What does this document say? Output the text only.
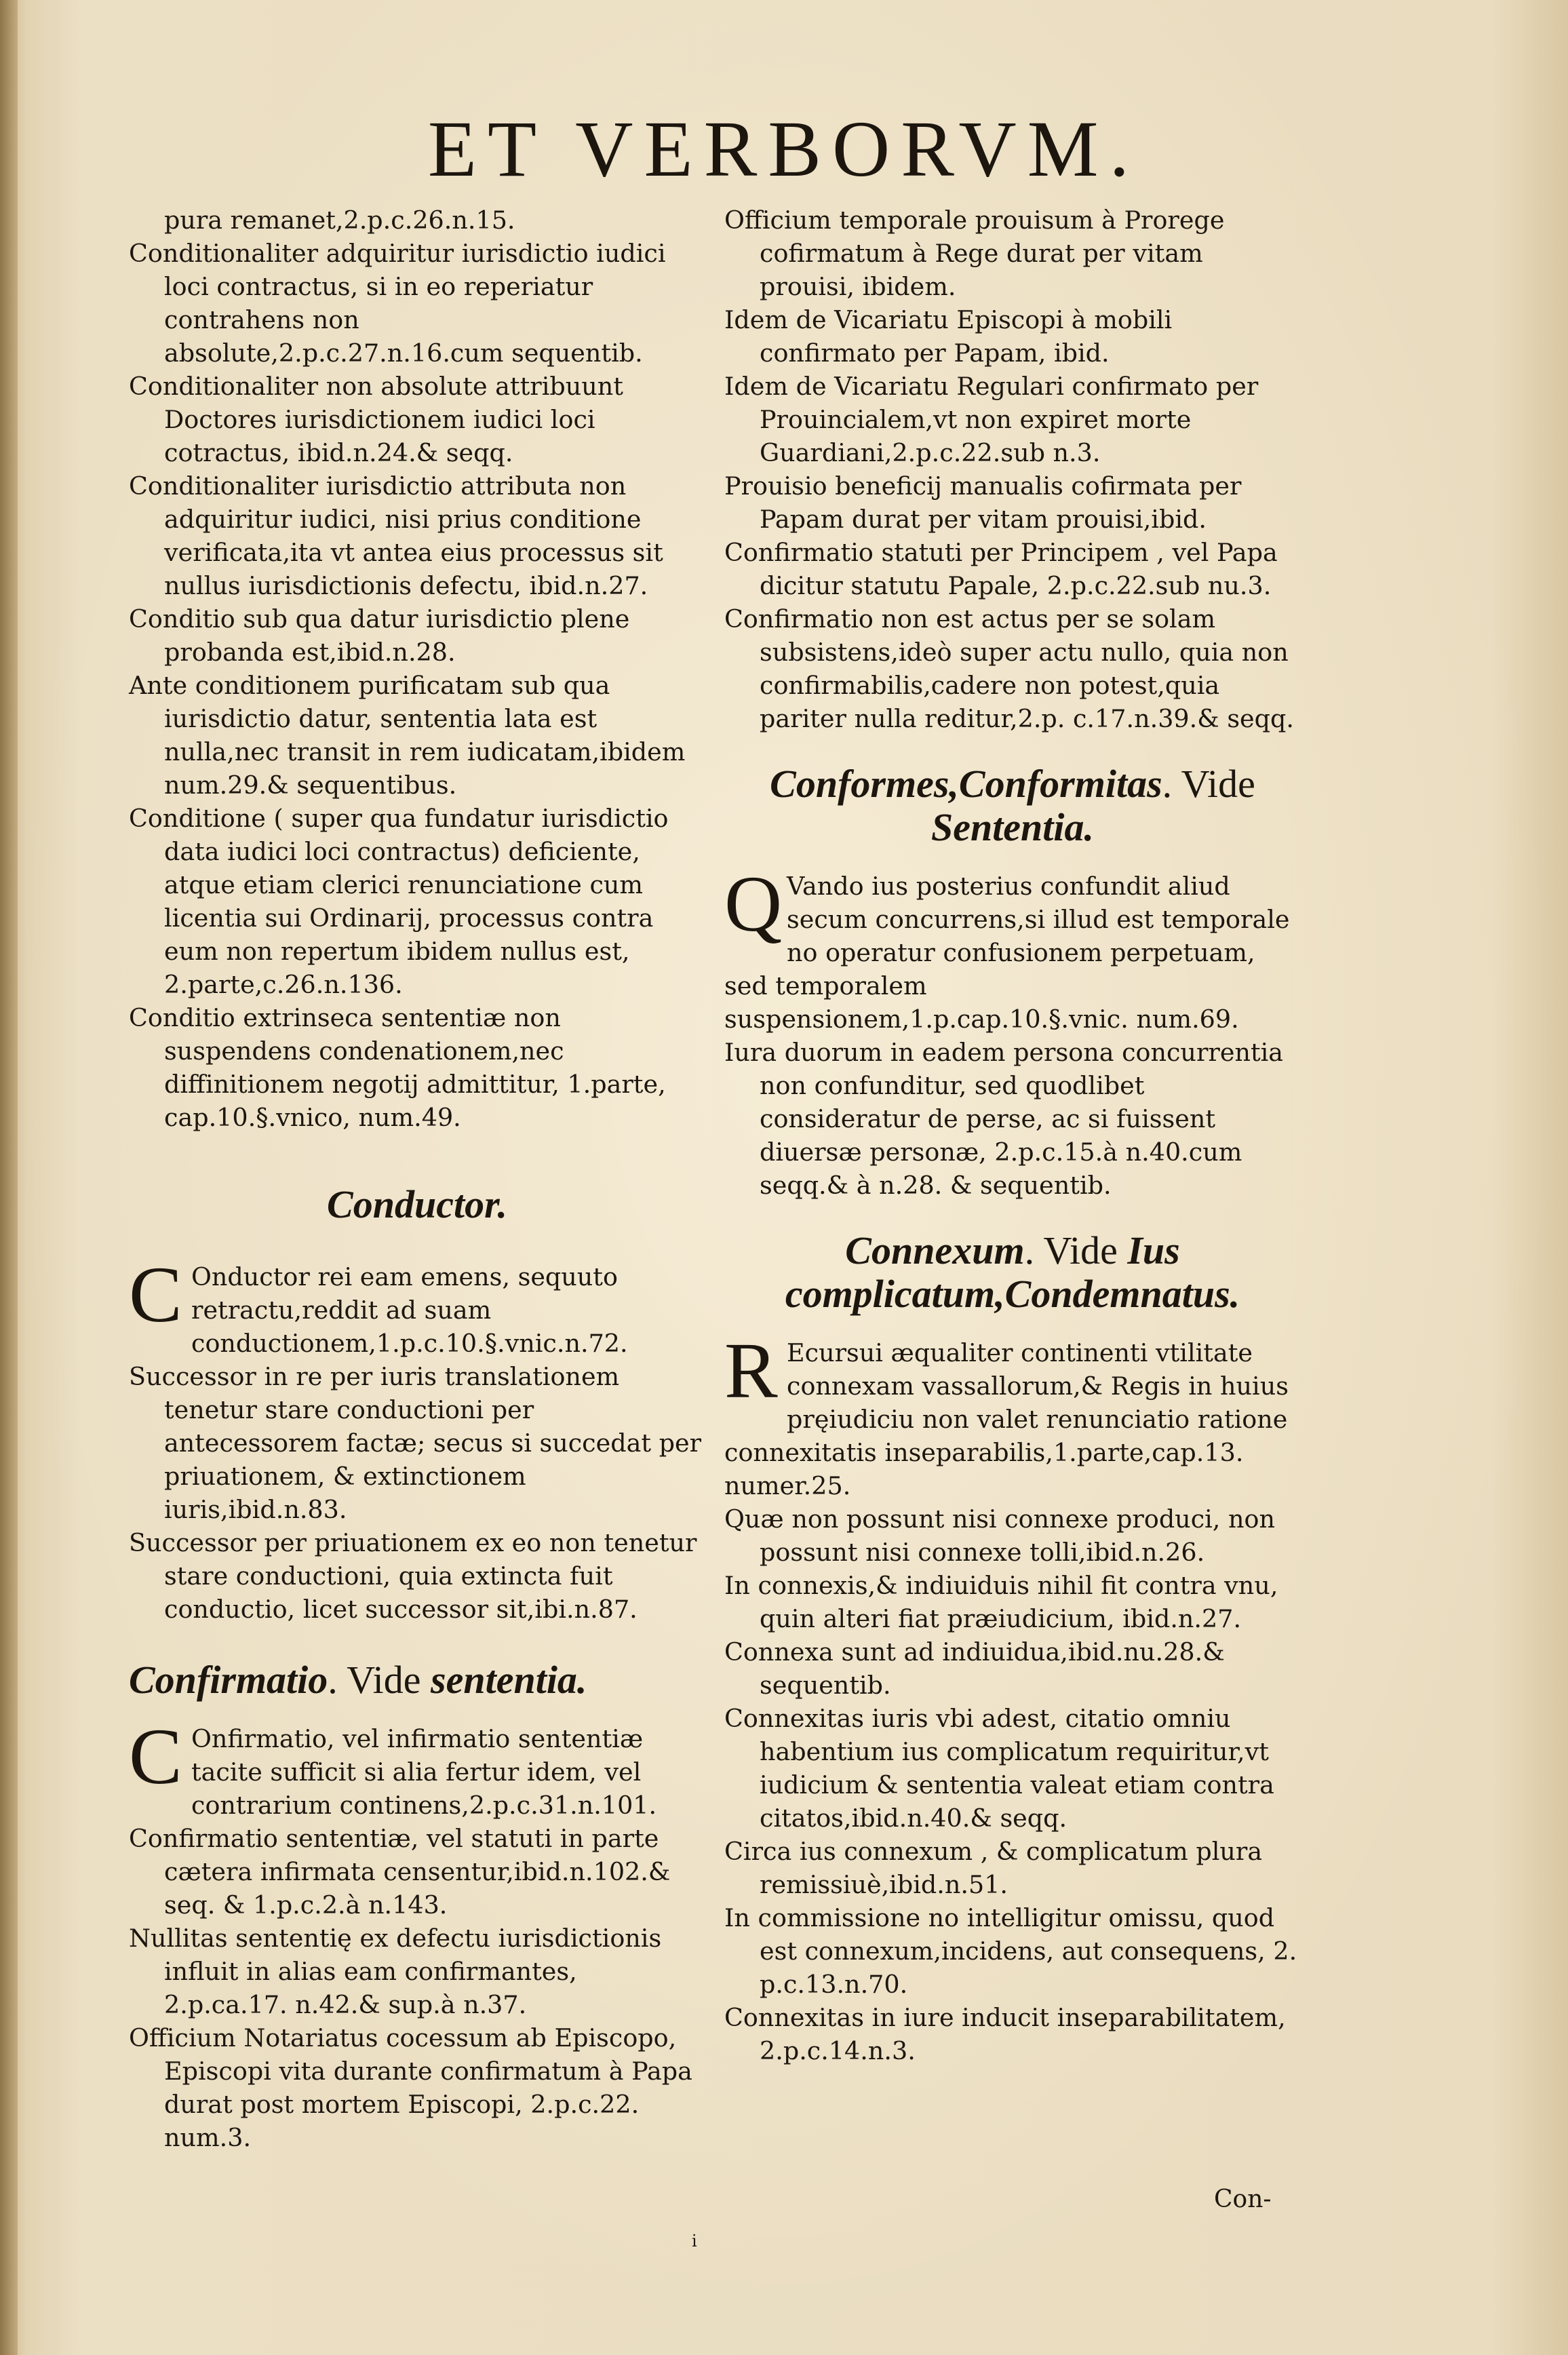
ET VERBORVM.

pura remanet,2.p.c.26.n.15.

Conditionaliter adquiritur iurisdictio iudici loci contractus, si in eo reperiatur contrahens non absolute,2.p.c.27.n.16.cum sequentib.

Conditionaliter non absolute attribuunt Doctores iurisdictionem iudici loci cotractus, ibid.n.24.& seqq.

Conditionaliter iurisdictio attributa non adquiritur iudici, nisi prius conditione verificata,ita vt antea eius processus sit nullus iurisdictionis defectu, ibid.n.27.

Conditio sub qua datur iurisdictio plene probanda est,ibid.n.28.

Ante conditionem purificatam sub qua iurisdictio datur, sententia lata est nulla,nec transit in rem iudicatam,ibidem num.29.& sequentibus.

Conditione ( super qua fundatur iurisdictio data iudici loci contractus) deficiente, atque etiam clerici renunciatione cum licentia sui Ordinarij, processus contra eum non repertum ibidem nullus est, 2.parte,c.26.n.136.

Conditio extrinseca sententiæ non suspendens condenationem,nec diffinitionem negotij admittitur, 1.parte, cap.10.§.vnico, num.49.

Conductor.

C Onductor rei eam emens, sequuto retractu,reddit ad suam conductionem,1.p.c.10.§.vnic.n.72.

Successor in re per iuris translationem tenetur stare conductioni per antecessorem factæ; secus si succedat per priuationem, & extinctionem iuris,ibid.n.83.

Successor per priuationem ex eo non tenetur stare conductioni, quia extincta fuit conductio, licet successor sit,ibi.n.87.

Confirmatio. Vide sententia.

C Onfirmatio, vel infirmatio sententiæ tacite sufficit si alia fertur idem, vel contrarium continens,2.p.c.31.n.101.

Confirmatio sententiæ, vel statuti in parte cætera infirmata censentur,ibid.n.102.& seq. & 1.p.c.2.à n.143.

Nullitas sententię ex defectu iurisdictionis influit in alias eam confirmantes, 2.p.ca.17. n.42.& sup.à n.37.

Officium Notariatus cocessum ab Episcopo, Episcopi vita durante confirmatum à Papa durat post mortem Episcopi, 2.p.c.22. num.3.

Officium temporale prouisum à Prorege cofirmatum à Rege durat per vitam prouisi, ibidem.

Idem de Vicariatu Episcopi à mobili confirmato per Papam, ibid.

Idem de Vicariatu Regulari confirmato per Prouincialem,vt non expiret morte Guardiani,2.p.c.22.sub n.3.

Prouisio beneficij manualis cofirmata per Papam durat per vitam prouisi,ibid.

Confirmatio statuti per Principem , vel Papa dicitur statutu Papale, 2.p.c.22.sub nu.3.

Confirmatio non est actus per se solam subsistens,ideò super actu nullo, quia non confirmabilis,cadere non potest,quia pariter nulla reditur,2.p. c.17.n.39.& seqq.

Conformes,Conformitas. Vide Sententia.

Q Vando ius posterius confundit aliud secum concurrens,si illud est temporale no operatur confusionem perpetuam, sed temporalem suspensionem,1.p.cap.10.§.vnic. num.69.

Iura duorum in eadem persona concurrentia non confunditur, sed quodlibet consideratur de perse, ac si fuissent diuersæ personæ, 2.p.c.15.à n.40.cum seqq.& à n.28. & sequentib.

Connexum. Vide Ius complicatum,Condemnatus.

R Ecursui æqualiter continenti vtilitate connexam vassallorum,& Regis in huius pręiudiciu non valet renunciatio ratione connexitatis inseparabilis,1.parte,cap.13. numer.25.

Quæ non possunt nisi connexe produci, non possunt nisi connexe tolli,ibid.n.26.

In connexis,& indiuiduis nihil fit contra vnu, quin alteri fiat præiudicium, ibid.n.27.

Connexa sunt ad indiuidua,ibid.nu.28.& sequentib.

Connexitas iuris vbi adest, citatio omniu habentium ius complicatum requiritur,vt iudicium & sententia valeat etiam contra citatos,ibid.n.40.& seqq.

Circa ius connexum , & complicatum plura remissiuè,ibid.n.51.

In commissione no intelligitur omissu, quod est connexum,incidens, aut consequens, 2. p.c.13.n.70.

Connexitas in iure inducit inseparabilitatem, 2.p.c.14.n.3.

Con-
i
